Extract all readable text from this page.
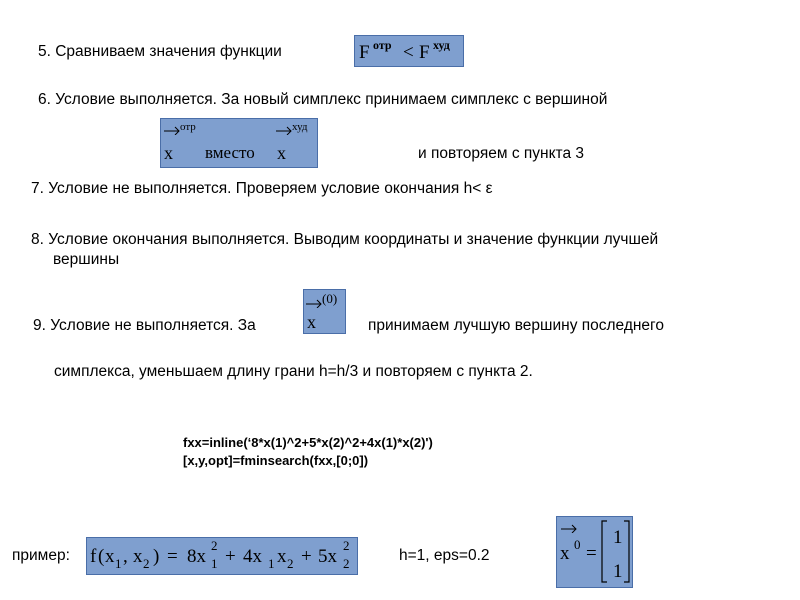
5. Сравниваем значения функции	F отр < F худ
6. Условие выполняется. За новый симплекс принимаем симплекс с вершиной
отр
x вместо
худ
x	и повторяем с пункта 3
7. Условие не выполняется. Проверяем условие окончания h< ε
8. Условие окончания выполняется. Выводим координаты и значение функции лучшей
вершины
9. Условие не выполняется. За
(0)
x	принимаем лучшую вершину последнего
симплекса, уменьшаем длину грани h=h/3 и повторяем с пункта 2.
fxx=inline(‘8*x(1)^2+5*x(2)^2+4x(1)*x(2)')
[x,y,opt]=fminsearch(fxx,[0;0])
пример: f ( x 1 , x 2 ) = 8x
2
1 + 4x 1 x 2 + 5x
2
2	h=1, eps=0.2	x 0 =
1
1
